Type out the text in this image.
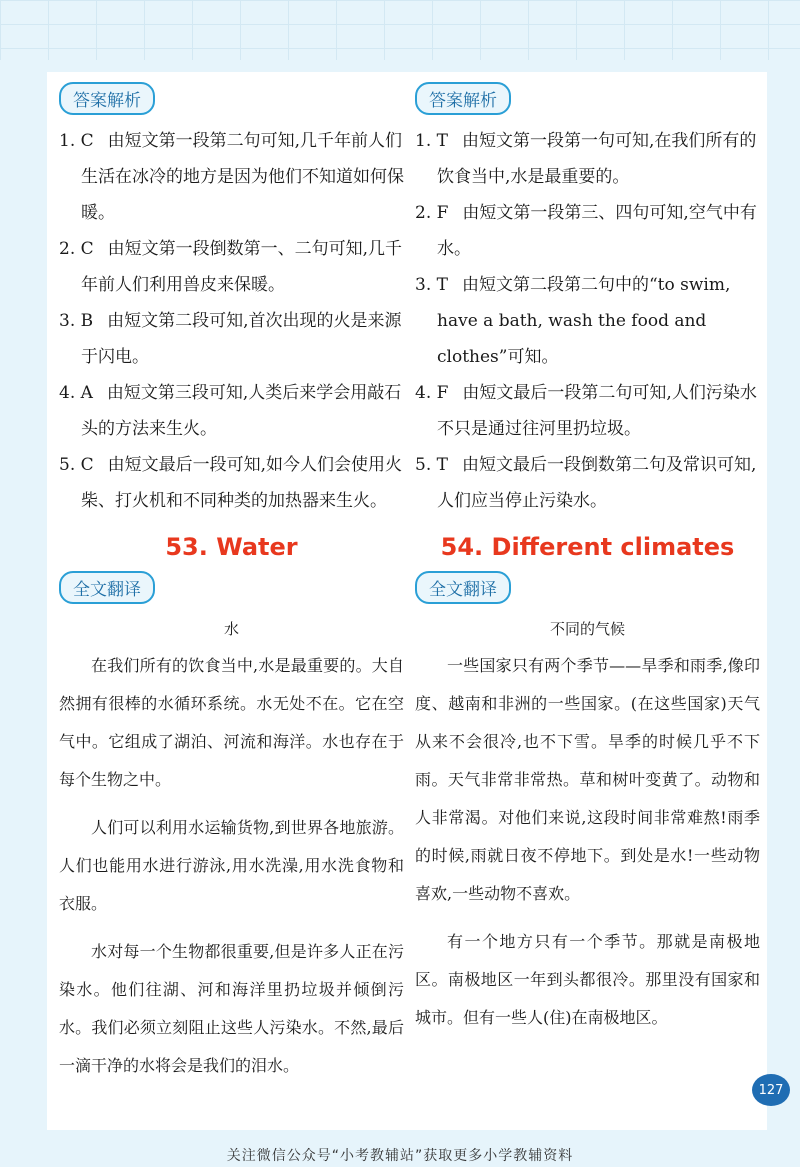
答案解析
1. C 由短文第一段第二句可知,几千年前人们生活在冰冷的地方是因为他们不知道如何保暖。
2. C 由短文第一段倒数第一、二句可知,几千年前人们利用兽皮来保暖。
3. B 由短文第二段可知,首次出现的火是来源于闪电。
4. A 由短文第三段可知,人类后来学会用敲石头的方法来生火。
5. C 由短文最后一段可知,如今人们会使用火柴、打火机和不同种类的加热器来生火。
53. Water
全文翻译
水
在我们所有的饮食当中,水是最重要的。大自然拥有很棒的水循环系统。水无处不在。它在空气中。它组成了湖泊、河流和海洋。水也存在于每个生物之中。
人们可以利用水运输货物,到世界各地旅游。人们也能用水进行游泳,用水洗澡,用水洗食物和衣服。
水对每一个生物都很重要,但是许多人正在污染水。他们往湖、河和海洋里扔垃圾并倾倒污水。我们必须立刻阻止这些人污染水。不然,最后一滴干净的水将会是我们的泪水。
答案解析
1. T 由短文第一段第一句可知,在我们所有的饮食当中,水是最重要的。
2. F 由短文第一段第三、四句可知,空气中有水。
3. T 由短文第二段第二句中的“to swim, have a bath, wash the food and clothes”可知。
4. F 由短文最后一段第二句可知,人们污染水不只是通过往河里扔垃圾。
5. T 由短文最后一段倒数第二句及常识可知,人们应当停止污染水。
54. Different climates
全文翻译
不同的气候
一些国家只有两个季节——旱季和雨季,像印度、越南和非洲的一些国家。(在这些国家)天气从来不会很冷,也不下雪。旱季的时候几乎不下雨。天气非常非常热。草和树叶变黄了。动物和人非常渴。对他们来说,这段时间非常难熬!雨季的时候,雨就日夜不停地下。到处是水!一些动物喜欢,一些动物不喜欢。
有一个地方只有一个季节。那就是南极地区。南极地区一年到头都很冷。那里没有国家和城市。但有一些人(住)在南极地区。
127
关注微信公众号“小考教辅站”获取更多小学教辅资料
